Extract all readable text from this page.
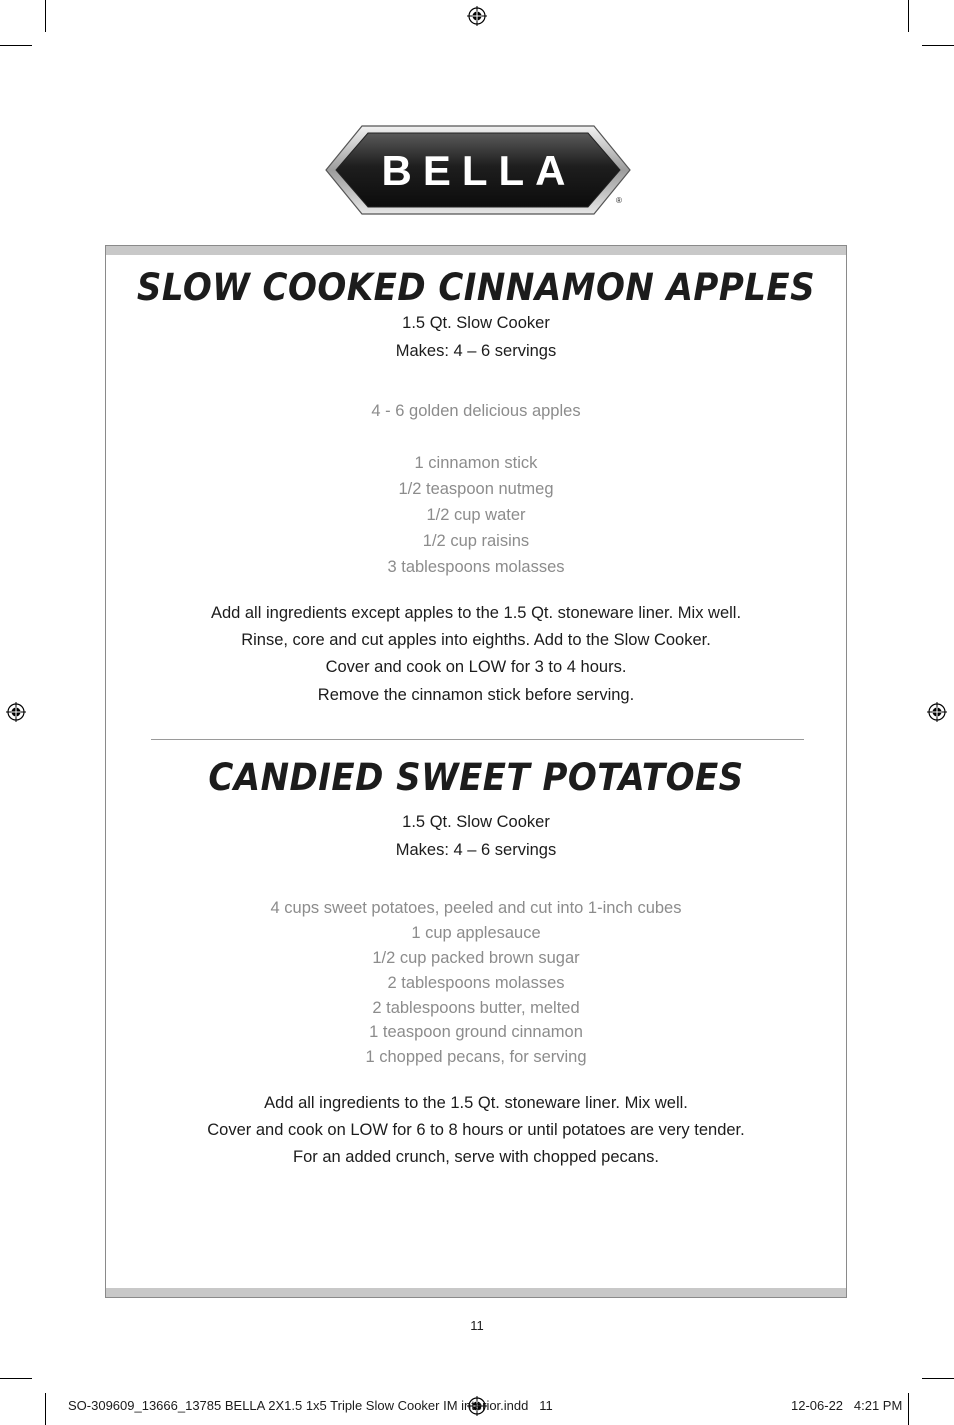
BELLA
®
SLOW COOKED CINNAMON APPLES
1.5 Qt. Slow Cooker
Makes: 4 – 6 servings
4 - 6 golden delicious apples
1 cinnamon stick
1/2 teaspoon nutmeg
1/2 cup water
1/2 cup raisins
3 tablespoons molasses
Add all ingredients except apples to the 1.5 Qt. stoneware liner. Mix well.
Rinse, core and cut apples into eighths. Add to the Slow Cooker.
Cover and cook on LOW for 3 to 4 hours.
Remove the cinnamon stick before serving.
CANDIED SWEET POTATOES
1.5 Qt. Slow Cooker
Makes: 4 – 6 servings
4 cups sweet potatoes, peeled and cut into 1-inch cubes
1 cup applesauce
1/2 cup packed brown sugar
2 tablespoons molasses
2 tablespoons butter, melted
1 teaspoon ground cinnamon
1 chopped pecans, for serving
Add all ingredients to the 1.5 Qt. stoneware liner. Mix well.
Cover and cook on LOW for 6 to 8 hours or until potatoes are very tender.
For an added crunch, serve with chopped pecans.
11
SO-309609_13666_13785 BELLA 2X1.5 1x5 Triple Slow Cooker IM interior.indd   11	12-06-22   4:21 PM
